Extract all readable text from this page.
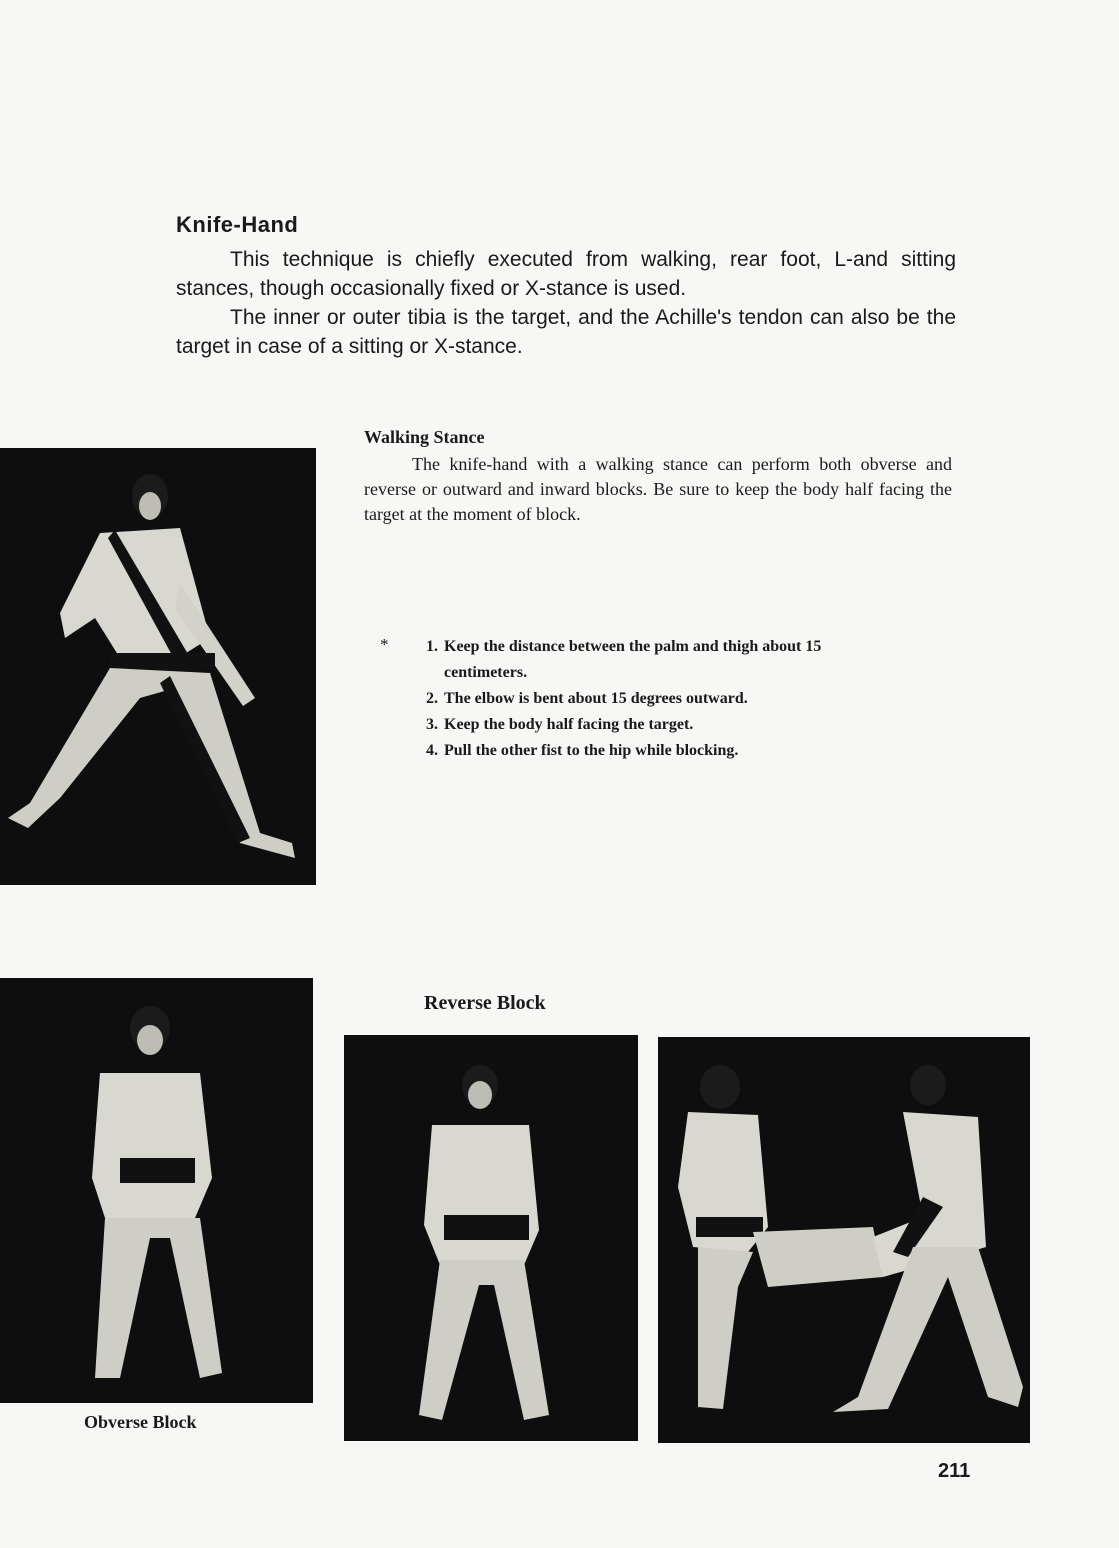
Knife-Hand

This technique is chiefly executed from walking, rear foot, L-and sitting stances, though occasionally fixed or X-stance is used.

The inner or outer tibia is the target, and the Achille's tendon can also be the target in case of a sitting or X-stance.

Walking Stance

The knife-hand with a walking stance can perform both obverse and reverse or outward and inward blocks. Be sure to keep the body half facing the target at the moment of block.

*	1. Keep the distance between the palm and thigh about 15 centimeters.
2. The elbow is bent about 15 degrees outward.
3. Keep the body half facing the target.
4. Pull the other fist to the hip while blocking.
Reverse Block
Obverse Block
211
